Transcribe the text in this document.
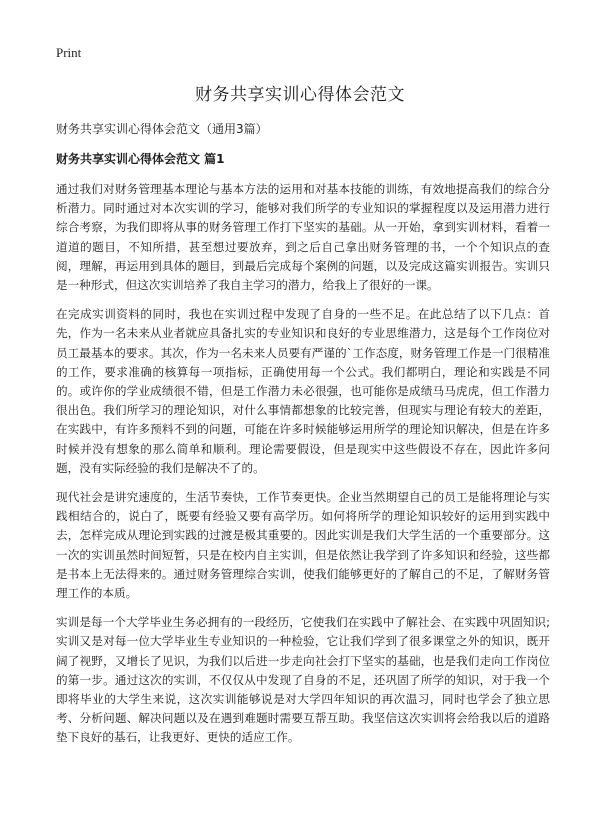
Print
财务共享实训心得体会范文
财务共享实训心得体会范文（通用3篇）
财务共享实训心得体会范文 篇1

通过我们对财务管理基本理论与基本方法的运用和对基本技能的训练，有效地提高我们的综合分析潜力。同时通过对本次实训的学习，能够对我们所学的专业知识的掌握程度以及运用潜力进行综合考察，为我们即将从事的财务管理工作打下坚实的基础。从一开始，拿到实训材料，看着一道道的题目，不知所措，甚至想过要放弃，到之后自己拿出财务管理的书，一个个知识点的查阅，理解，再运用到具体的题目，到最后完成每个案例的问题，以及完成这篇实训报告。实训只是一种形式，但这次实训培养了我自主学习的潜力，给我上了很好的一课。

在完成实训资料的同时，我也在实训过程中发现了自身的一些不足。在此总结了以下几点：首先，作为一名未来从业者就应具备扎实的专业知识和良好的专业思维潜力，这是每个工作岗位对员工最基本的要求。其次，作为一名未来人员要有严谨的`工作态度，财务管理工作是一门很精准的工作，要求准确的核算每一项指标，正确使用每一个公式。我们都明白，理论和实践是不同的。或许你的学业成绩很不错，但是工作潜力未必很强，也可能你是成绩马马虎虎，但工作潜力很出色。我们所学习的理论知识，对什么事情都想象的比较完善，但现实与理论有较大的差距，在实践中，有许多预料不到的问题，可能在许多时候能够运用所学的理论知识解决，但是在许多时候并没有想象的那么简单和顺利。理论需要假设，但是现实中这些假设不存在，因此许多问题，没有实际经验的我们是解决不了的。

现代社会是讲究速度的，生活节奏快，工作节奏更快。企业当然期望自己的员工是能将理论与实践相结合的，说白了，既要有经验又要有高学历。如何将所学的理论知识较好的运用到实践中去，怎样完成从理论到实践的过渡是极其重要的。因此实训是我们大学生活的一个重要部分。这一次的实训虽然时间短暂，只是在校内自主实训，但是依然让我学到了许多知识和经验，这些都是书本上无法得来的。通过财务管理综合实训，使我们能够更好的了解自己的不足，了解财务管理工作的本质。

实训是每一个大学毕业生务必拥有的一段经历，它使我们在实践中了解社会、在实践中巩固知识;实训又是对每一位大学毕业生专业知识的一种检验，它让我们学到了很多课堂之外的知识，既开阔了视野，又增长了见识，为我们以后进一步走向社会打下坚实的基础，也是我们走向工作岗位的第一步。通过这次的实训，不仅仅从中发现了自身的不足，还巩固了所学的知识，对于我一个即将毕业的大学生来说，这次实训能够说是对大学四年知识的再次温习，同时也学会了独立思考、分析问题、解决问题以及在遇到难题时需要互帮互助。我坚信这次实训将会给我以后的道路垫下良好的基石，让我更好、更快的适应工作。
